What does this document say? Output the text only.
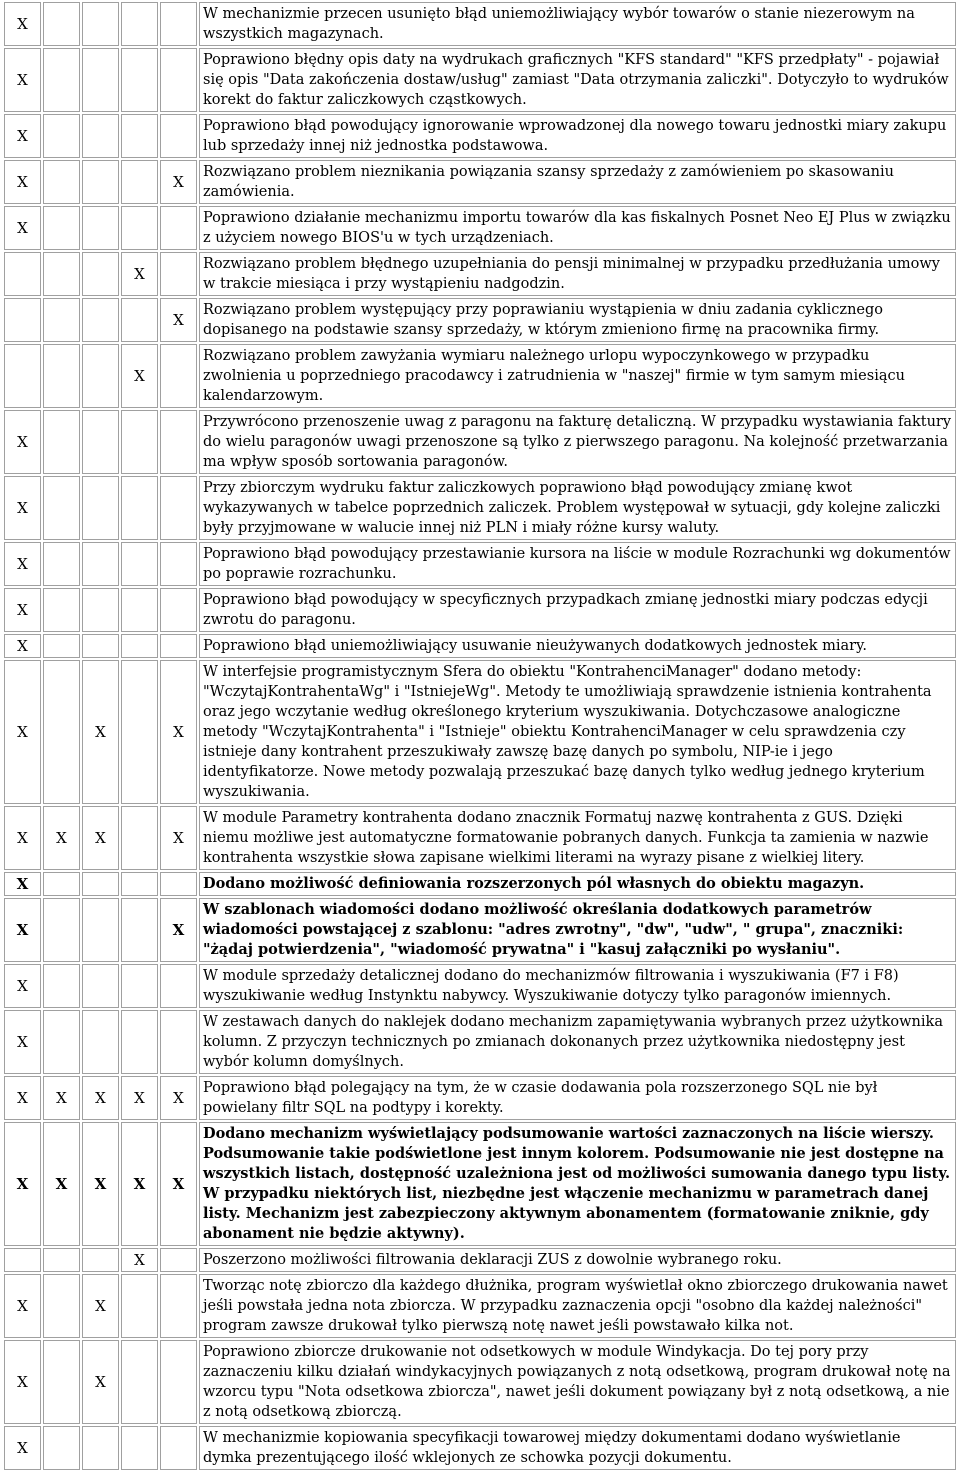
X					W mechanizmie przecen usunięto błąd uniemożliwiający wybór towarów o stanie niezerowym na wszystkich magazynach.
X					Poprawiono błędny opis daty na wydrukach graficznych "KFS standard" "KFS przedpłaty" - pojawiał się opis "Data zakończenia dostaw/usług" zamiast "Data otrzymania zaliczki". Dotyczyło to wydruków korekt do faktur zaliczkowych cząstkowych.
X					Poprawiono błąd powodujący ignorowanie wprowadzonej dla nowego towaru jednostki miary zakupu lub sprzedaży innej niż jednostka podstawowa.
X				X	Rozwiązano problem nieznikania powiązania szansy sprzedaży z zamówieniem po skasowaniu zamówienia.
X					Poprawiono działanie mechanizmu importu towarów dla kas fiskalnych Posnet Neo EJ Plus w związku z użyciem nowego BIOS'u w tych urządzeniach.
			X		Rozwiązano problem błędnego uzupełniania do pensji minimalnej w przypadku przedłużania umowy w trakcie miesiąca i przy wystąpieniu nadgodzin.
				X	Rozwiązano problem występujący przy poprawianiu wystąpienia w dniu zadania cyklicznego dopisanego na podstawie szansy sprzedaży, w którym zmieniono firmę na pracownika firmy.
			X		Rozwiązano problem zawyżania wymiaru należnego urlopu wypoczynkowego w przypadku zwolnienia u poprzedniego pracodawcy i zatrudnienia w "naszej" firmie w tym samym miesiącu kalendarzowym.
X					Przywrócono przenoszenie uwag z paragonu na fakturę detaliczną. W przypadku wystawiania faktury do wielu paragonów uwagi przenoszone są tylko z pierwszego paragonu. Na kolejność przetwarzania ma wpływ sposób sortowania paragonów.
X					Przy zbiorczym wydruku faktur zaliczkowych poprawiono błąd powodujący zmianę kwot wykazywanych w tabelce poprzednich zaliczek. Problem występował w sytuacji, gdy kolejne zaliczki były przyjmowane w walucie innej niż PLN i miały różne kursy waluty.
X					Poprawiono błąd powodujący przestawianie kursora na liście w module Rozrachunki wg dokumentów po poprawie rozrachunku.
X					Poprawiono błąd powodujący w specyficznych przypadkach zmianę jednostki miary podczas edycji zwrotu do paragonu.
X					Poprawiono błąd uniemożliwiający usuwanie nieużywanych dodatkowych jednostek miary.
X		X		X	W interfejsie programistycznym Sfera do obiektu "KontrahenciManager" dodano metody: "WczytajKontrahentaWg" i "IstniejeWg". Metody te umożliwiają sprawdzenie istnienia kontrahenta oraz jego wczytanie według określonego kryterium wyszukiwania. Dotychczasowe analogiczne metody "WczytajKontrahenta" i "Istnieje" obiektu KontrahenciManager w celu sprawdzenia czy istnieje dany kontrahent przeszukiwały zawszę bazę danych po symbolu, NIP-ie i jego identyfikatorze. Nowe metody pozwalają przeszukać bazę danych tylko według jednego kryterium wyszukiwania.
X	X	X		X	W module Parametry kontrahenta dodano znacznik Formatuj nazwę kontrahenta z GUS. Dzięki niemu możliwe jest automatyczne formatowanie pobranych danych. Funkcja ta zamienia w nazwie kontrahenta wszystkie słowa zapisane wielkimi literami na wyrazy pisane z wielkiej litery.
X					Dodano możliwość definiowania rozszerzonych pól własnych do obiektu magazyn.
X				X	W szablonach wiadomości dodano możliwość określania dodatkowych parametrów wiadomości powstającej z szablonu: "adres zwrotny", "dw", "udw", " grupa", znaczniki: "żądaj potwierdzenia", "wiadomość prywatna" i "kasuj załączniki po wysłaniu".
X					W module sprzedaży detalicznej dodano do mechanizmów filtrowania i wyszukiwania (F7 i F8) wyszukiwanie według Instynktu nabywcy. Wyszukiwanie dotyczy tylko paragonów imiennych.
X					W zestawach danych do naklejek dodano mechanizm zapamiętywania wybranych przez użytkownika kolumn. Z przyczyn technicznych po zmianach dokonanych przez użytkownika niedostępny jest wybór kolumn domyślnych.
X	X	X	X	X	Poprawiono błąd polegający na tym, że w czasie dodawania pola rozszerzonego SQL nie był powielany filtr SQL na podtypy i korekty.
X	X	X	X	X	Dodano mechanizm wyświetlający podsumowanie wartości zaznaczonych na liście wierszy. Podsumowanie takie podświetlone jest innym kolorem. Podsumowanie nie jest dostępne na wszystkich listach, dostępność uzależniona jest od możliwości sumowania danego typu listy. W przypadku niektórych list, niezbędne jest włączenie mechanizmu w parametrach danej listy. Mechanizm jest zabezpieczony aktywnym abonamentem (formatowanie zniknie, gdy abonament nie będzie aktywny).
			X		Poszerzono możliwości filtrowania deklaracji ZUS z dowolnie wybranego roku.
X		X			Tworząc notę zbiorczo dla każdego dłużnika, program wyświetlał okno zbiorczego drukowania nawet jeśli powstała jedna nota zbiorcza. W przypadku zaznaczenia opcji "osobno dla każdej należności" program zawsze drukował tylko pierwszą notę nawet jeśli powstawało kilka not.
X		X			Poprawiono zbiorcze drukowanie not odsetkowych w module Windykacja. Do tej pory przy zaznaczeniu kilku działań windykacyjnych powiązanych z notą odsetkową, program drukował notę na wzorcu typu "Nota odsetkowa zbiorcza", nawet jeśli dokument powiązany był z notą odsetkową, a nie z notą odsetkową zbiorczą.
X					W mechanizmie kopiowania specyfikacji towarowej między dokumentami dodano wyświetlanie dymka prezentującego ilość wklejonych ze schowka pozycji dokumentu.
